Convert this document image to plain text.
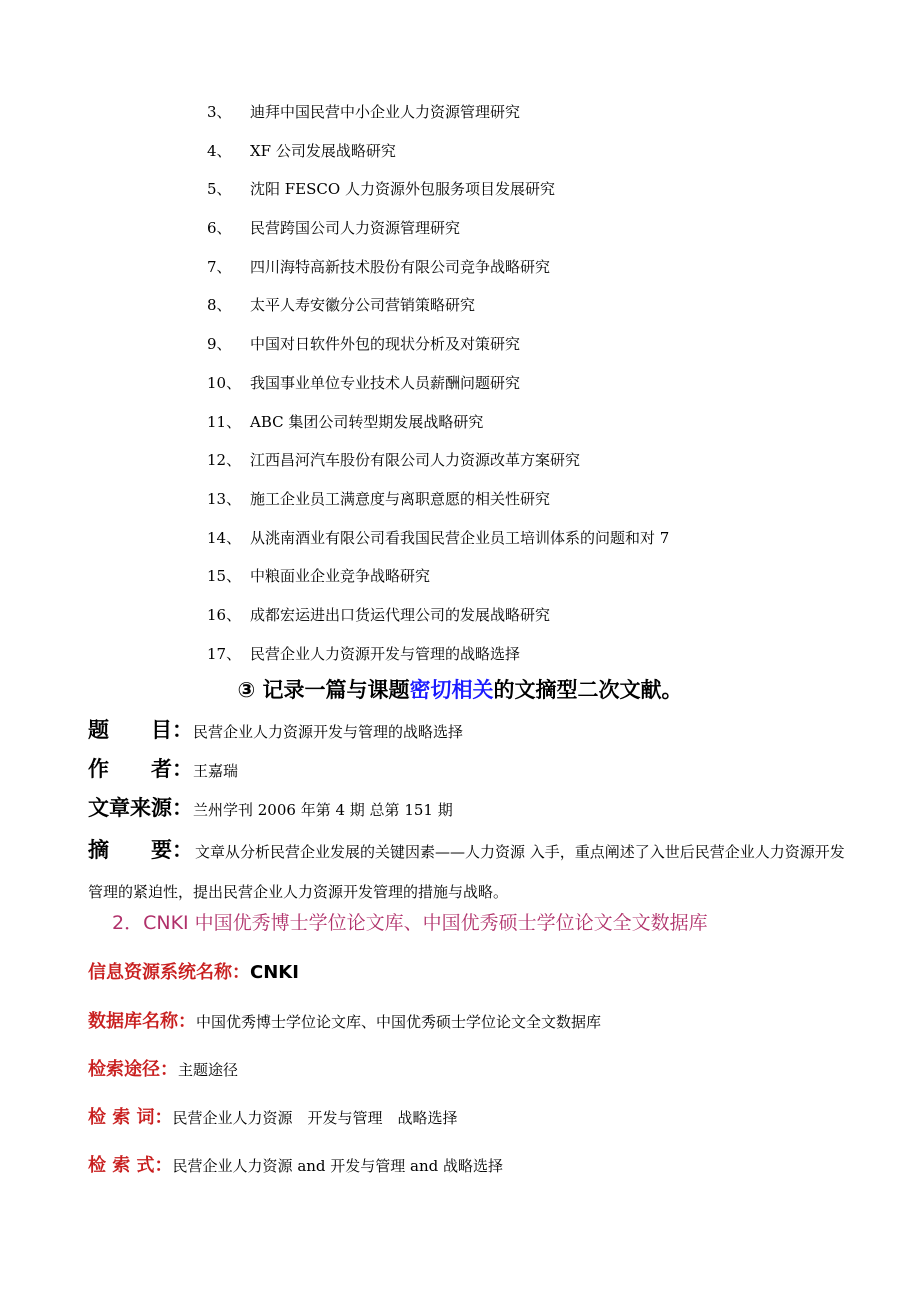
3、 迪拜中国民营中小企业人力资源管理研究
4、 XF 公司发展战略研究
5、 沈阳 FESCO 人力资源外包服务项目发展研究
6、 民营跨国公司人力资源管理研究
7、 四川海特高新技术股份有限公司竞争战略研究
8、 太平人寿安徽分公司营销策略研究
9、 中国对日软件外包的现状分析及对策研究
10、 我国事业单位专业技术人员薪酬问题研究
11、 ABC 集团公司转型期发展战略研究
12、 江西昌河汽车股份有限公司人力资源改革方案研究
13、 施工企业员工满意度与离职意愿的相关性研究
14、 从洮南酒业有限公司看我国民营企业员工培训体系的问题和对 7
15、 中粮面业企业竞争战略研究
16、 成都宏运进出口货运代理公司的发展战略研究
17、 民营企业人力资源开发与管理的战略选择
③ 记录一篇与课题密切相关的文摘型二次文献。
题　　目：民营企业人力资源开发与管理的战略选择
作　　者：王嘉瑞
文章来源：兰州学刊 2006 年第 4 期 总第 151 期
摘　　要： 文章从分析民营企业发展的关键因素——人力资源 入手，重点阐述了入世后民营企业人力资源开发管理的紧迫性，提出民营企业人力资源开发管理的措施与战略。
2．CNKI 中国优秀博士学位论文库、中国优秀硕士学位论文全文数据库
信息资源系统名称：CNKI
数据库名称：中国优秀博士学位论文库、中国优秀硕士学位论文全文数据库
检索途径：主题途径
检 索 词：民营企业人力资源　开发与管理　战略选择
检 索 式：民营企业人力资源 and 开发与管理 and 战略选择
